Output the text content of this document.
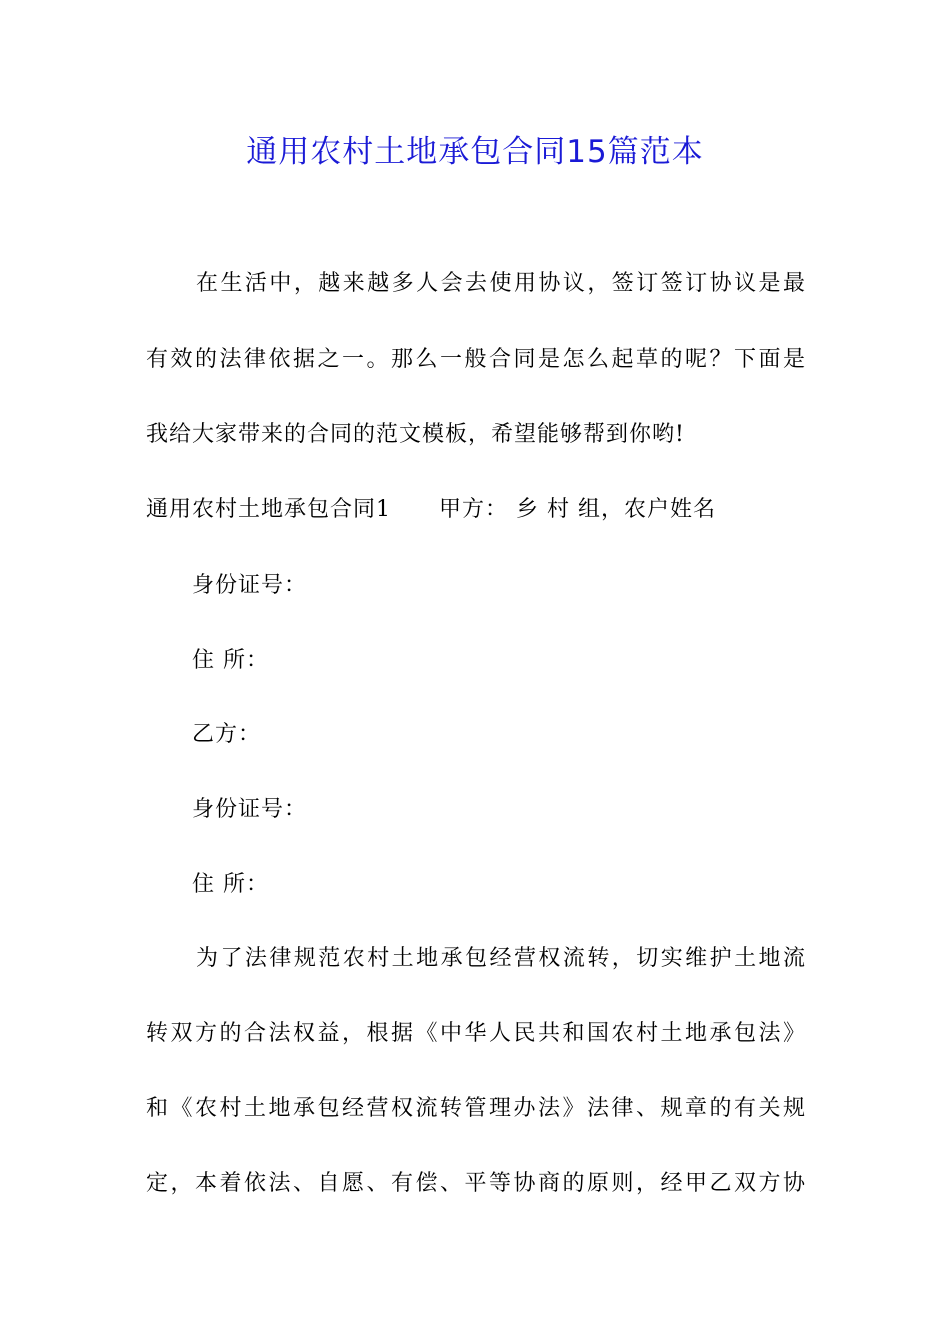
通用农村土地承包合同15篇范本
在生活中，越来越多人会去使用协议，签订签订协议是最
有效的法律依据之一。那么一般合同是怎么起草的呢？下面是
我给大家带来的合同的范文模板，希望能够帮到你哟!
通用农村土地承包合同1 甲方： 乡 村 组，农户姓名
身份证号：
住 所：
乙方：
身份证号：
住 所：
为了法律规范农村土地承包经营权流转，切实维护土地流
转双方的合法权益，根据《中华人民共和国农村土地承包法》
和《农村土地承包经营权流转管理办法》法律、规章的有关规
定，本着依法、自愿、有偿、平等协商的原则，经甲乙双方协
